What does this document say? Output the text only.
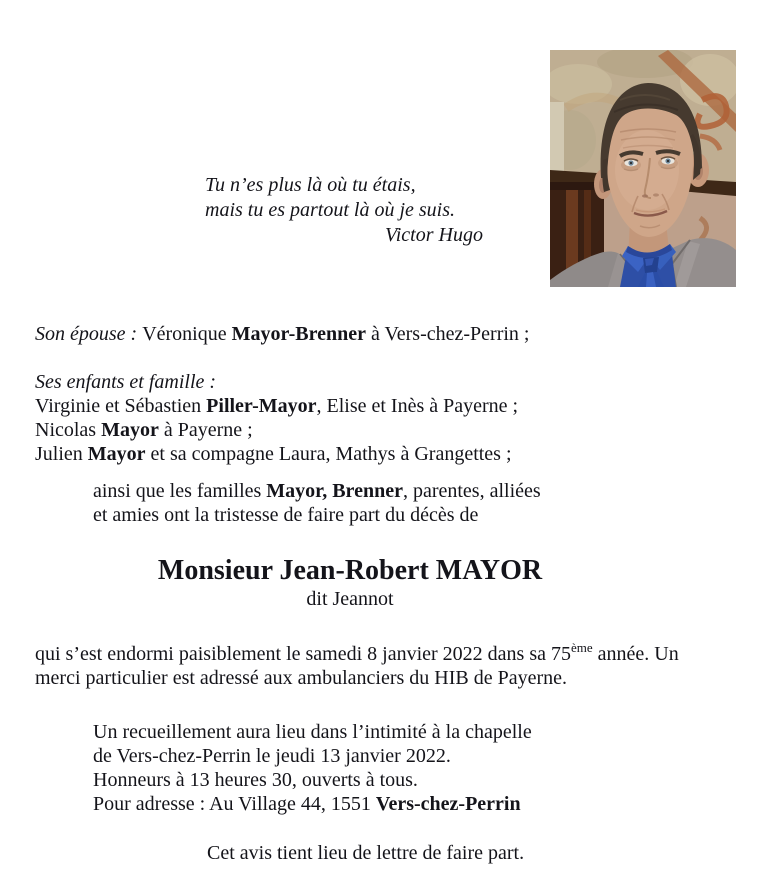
Tu n’es plus là où tu étais,

mais tu es partout là où je suis.

Victor Hugo

Son épouse : Véronique Mayor-Brenner à Vers-chez-Perrin ;

Ses enfants et famille :

Virginie et Sébastien Piller-Mayor, Elise et Inès à Payerne ;

Nicolas Mayor à Payerne ;

Julien Mayor et sa compagne Laura, Mathys à Grangettes ;

ainsi que les familles Mayor, Brenner, parentes, alliées

et amies ont la tristesse de faire part du décès de

Monsieur Jean-Robert MAYOR

dit Jeannot

qui s’est endormi paisiblement le samedi 8 janvier 2022 dans sa 75ème année. Un

merci particulier est adressé aux ambulanciers du HIB de Payerne.

Un recueillement aura lieu dans l’intimité à la chapelle

de Vers-chez-Perrin le jeudi 13 janvier 2022.

Honneurs à 13 heures 30, ouverts à tous.

Pour adresse : Au Village 44, 1551 Vers-chez-Perrin

Cet avis tient lieu de lettre de faire part.
